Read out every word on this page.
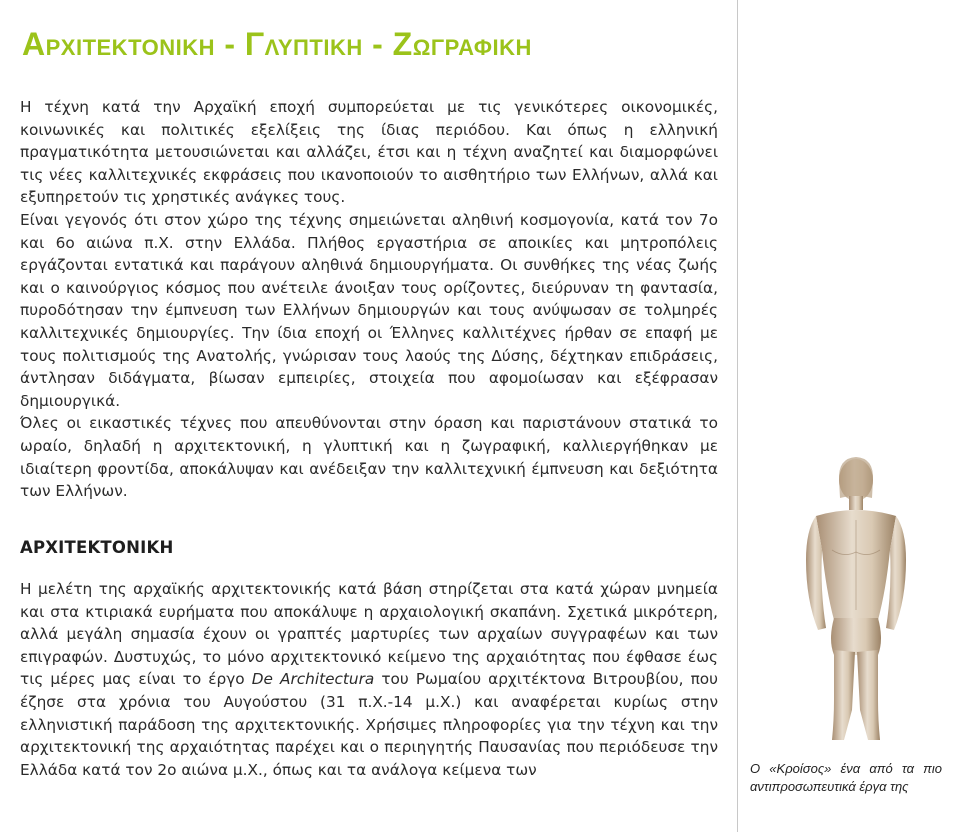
Αρχιτεκτονικη - Γλυπτικη - Ζωγραφικη

Η τέχνη κατά την Αρχαϊκή εποχή συμπορεύεται με τις γενικότερες οικονομικές, κοινωνικές και πολιτικές εξελίξεις της ίδιας περιόδου. Και όπως η ελληνική πραγματικότητα μετουσιώνεται και αλλάζει, έτσι και η τέχνη αναζητεί και διαμορφώνει τις νέες καλλιτεχνικές εκφράσεις που ικανοποιούν το αισθητήριο των Ελλήνων, αλλά και εξυπηρετούν τις χρηστικές ανάγκες τους.

Είναι γεγονός ότι στον χώρο της τέχνης σημειώνεται αληθινή κοσμογονία, κατά τον 7ο και 6ο αιώνα π.Χ. στην Ελλάδα. Πλήθος εργαστήρια σε αποικίες και μητροπόλεις εργάζονται εντατικά και παράγουν αληθινά δημιουργήματα. Οι συνθήκες της νέας ζωής και ο καινούργιος κόσμος που ανέτειλε άνοιξαν τους ορίζοντες, διεύρυναν τη φαντασία, πυροδότησαν την έμπνευση των Ελλήνων δημιουργών και τους ανύψωσαν σε τολμηρές καλλιτεχνικές δημιουργίες. Την ίδια εποχή οι Έλληνες καλλιτέχνες ήρθαν σε επαφή με τους πολιτισμούς της Ανατολής, γνώρισαν τους λαούς της Δύσης, δέχτηκαν επιδράσεις, άντλησαν διδάγματα, βίωσαν εμπειρίες, στοιχεία που αφομοίωσαν και εξέφρασαν δημιουργικά.

Όλες οι εικαστικές τέχνες που απευθύνονται στην όραση και παριστάνουν στατικά το ωραίο, δηλαδή η αρχιτεκτονική, η γλυπτική και η ζωγραφική, καλλιεργήθηκαν με ιδιαίτερη φροντίδα, αποκάλυψαν και ανέδειξαν την καλλιτεχνική έμπνευση και δεξιότητα των Ελλήνων.

ΑΡΧΙΤΕΚΤΟΝΙΚΗ

Η μελέτη της αρχαϊκής αρχιτεκτονικής κατά βάση στηρίζεται στα κατά χώραν μνημεία και στα κτιριακά ευρήματα που αποκάλυψε η αρχαιολογική σκαπάνη. Σχετικά μικρότερη, αλλά μεγάλη σημασία έχουν οι γραπτές μαρτυρίες των αρχαίων συγγραφέων και των επιγραφών. Δυστυχώς, το μόνο αρχιτεκτονικό κείμενο της αρχαιότητας που έφθασε έως τις μέρες μας είναι το έργο De Architectura του Ρωμαίου αρχιτέκτονα Βιτρουβίου, που έζησε στα χρόνια του Αυγούστου (31 π.Χ.-14 μ.Χ.) και αναφέρεται κυρίως στην ελληνιστική παράδοση της αρχιτεκτονικής. Χρήσιμες πληροφορίες για την τέχνη και την αρχιτεκτονική της αρχαιότητας παρέχει και ο περιηγητής Παυσανίας που περιόδευσε την Ελλάδα κατά τον 2ο αιώνα μ.Χ., όπως και τα ανάλογα κείμενα των	Ο «Κροίσος» ένα από τα πιο αντιπροσωπευτικά έργα της
